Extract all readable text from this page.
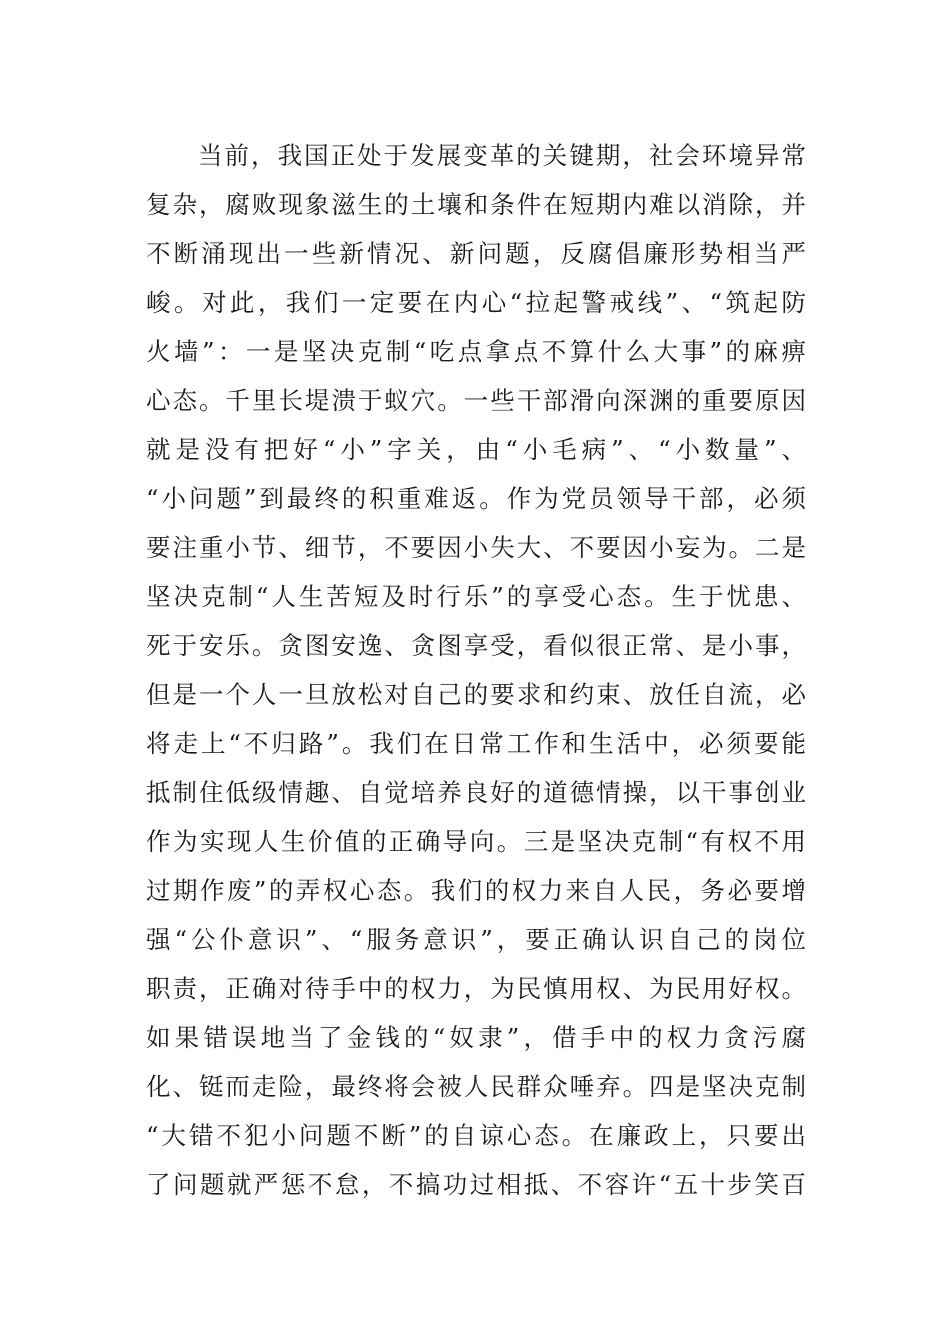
当前，我国正处于发展变革的关键期，社会环境异常
复杂，腐败现象滋生的土壤和条件在短期内难以消除，并
不断涌现出一些新情况、新问题，反腐倡廉形势相当严
峻。对此，我们一定要在内心“拉起警戒线”、“筑起防
火墙”：一是坚决克制“吃点拿点不算什么大事”的麻痹
心态。千里长堤溃于蚁穴。一些干部滑向深渊的重要原因
就是没有把好“小”字关，由“小毛病”、“小数量”、
“小问题”到最终的积重难返。作为党员领导干部，必须
要注重小节、细节，不要因小失大、不要因小妄为。二是
坚决克制“人生苦短及时行乐”的享受心态。生于忧患、
死于安乐。贪图安逸、贪图享受，看似很正常、是小事，
但是一个人一旦放松对自己的要求和约束、放任自流，必
将走上“不归路”。我们在日常工作和生活中，必须要能
抵制住低级情趣、自觉培养良好的道德情操，以干事创业
作为实现人生价值的正确导向。三是坚决克制“有权不用
过期作废”的弄权心态。我们的权力来自人民，务必要增
强“公仆意识”、“服务意识”，要正确认识自己的岗位
职责，正确对待手中的权力，为民慎用权、为民用好权。
如果错误地当了金钱的“奴隶”，借手中的权力贪污腐
化、铤而走险，最终将会被人民群众唾弃。四是坚决克制
“大错不犯小问题不断”的自谅心态。在廉政上，只要出
了问题就严惩不怠，不搞功过相抵、不容许“五十步笑百
